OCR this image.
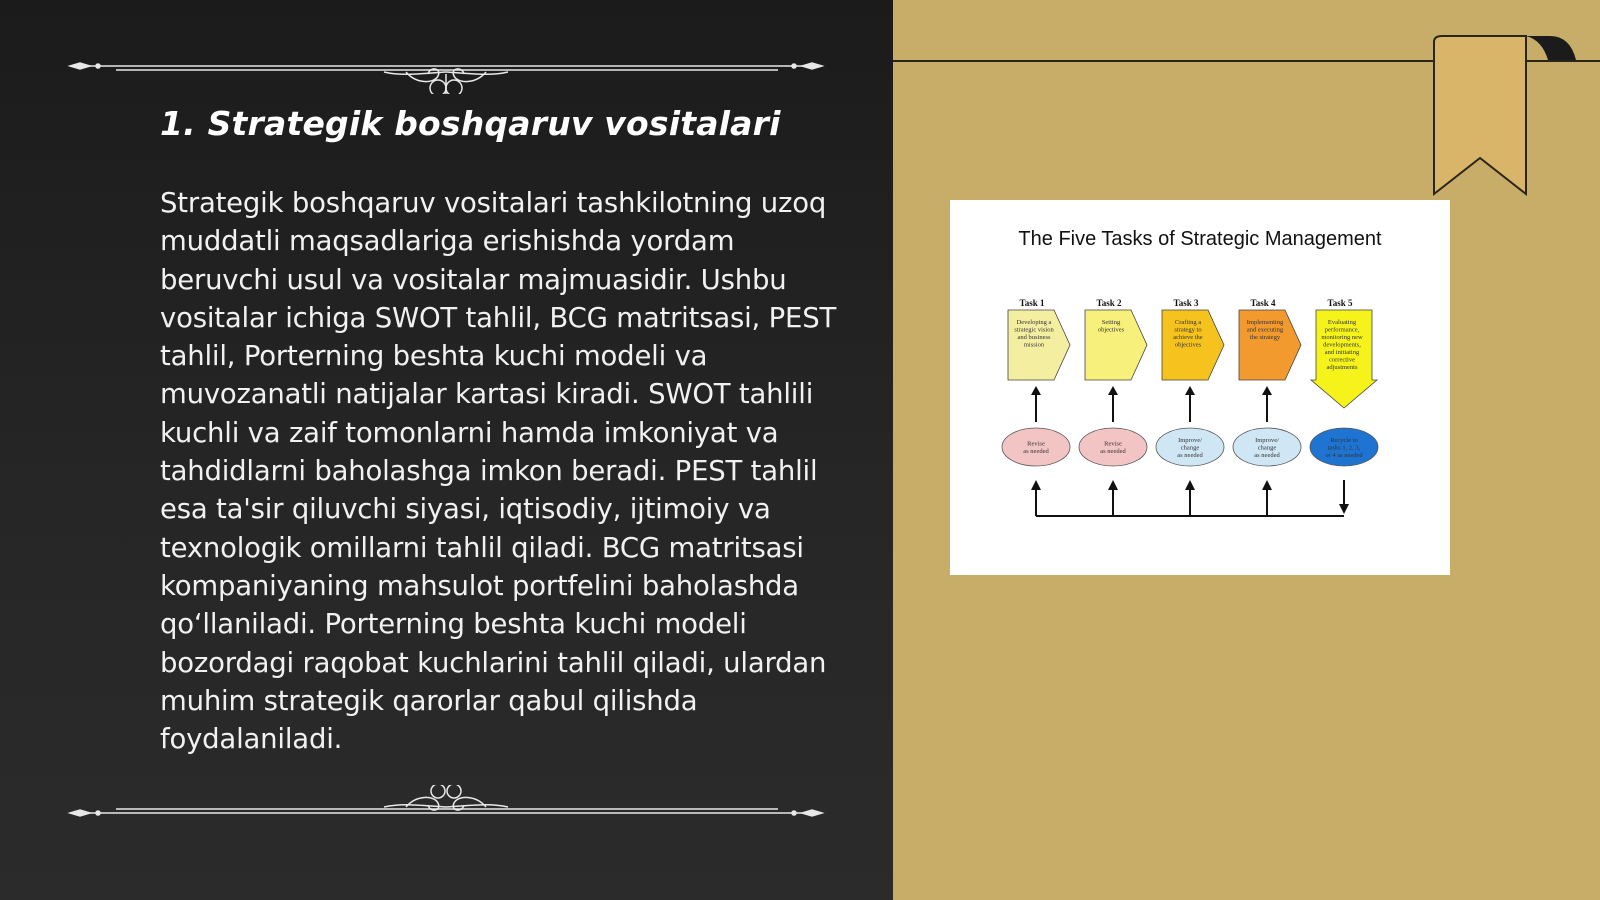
1. Strategik boshqaruv vositalari

Strategik boshqaruv vositalari tashkilotning uzoq muddatli maqsadlariga erishishda yordam beruvchi usul va vositalar majmuasidir. Ushbu vositalar ichiga SWOT tahlil, BCG matritsasi, PEST tahlil, Porterning beshta kuchi modeli va muvozanatli natijalar kartasi kiradi. SWOT tahlili kuchli va zaif tomonlarni hamda imkoniyat va tahdidlarni baholashga imkon beradi. PEST tahlil esa ta'sir qiluvchi siyasi, iqtisodiy, ijtimoiy va texnologik omillarni tahlil qiladi. BCG matritsasi kompaniyaning mahsulot portfelini baholashda qo‘llaniladi. Porterning beshta kuchi modeli bozordagi raqobat kuchlarini tahlil qiladi, ulardan muhim strategik qarorlar qabul qilishda foydalaniladi.

The Five Tasks of Strategic Management
Task 1
Developing a
strategic vision
and business
mission
Revise
as needed
Task 2
Setting
objectives
Revise
as needed
Task 3
Crafting a
strategy to
achieve the
objectives
Improve/
change
as needed
Task 4
Implementing
and executing
the strategy
Improve/
change
as needed
Task 5
Evaluating
performance,
monitoring new
developments,
and initiating
corrective
adjustments
Recycle to
tasks 1, 2, 3,
or 4 as needed
